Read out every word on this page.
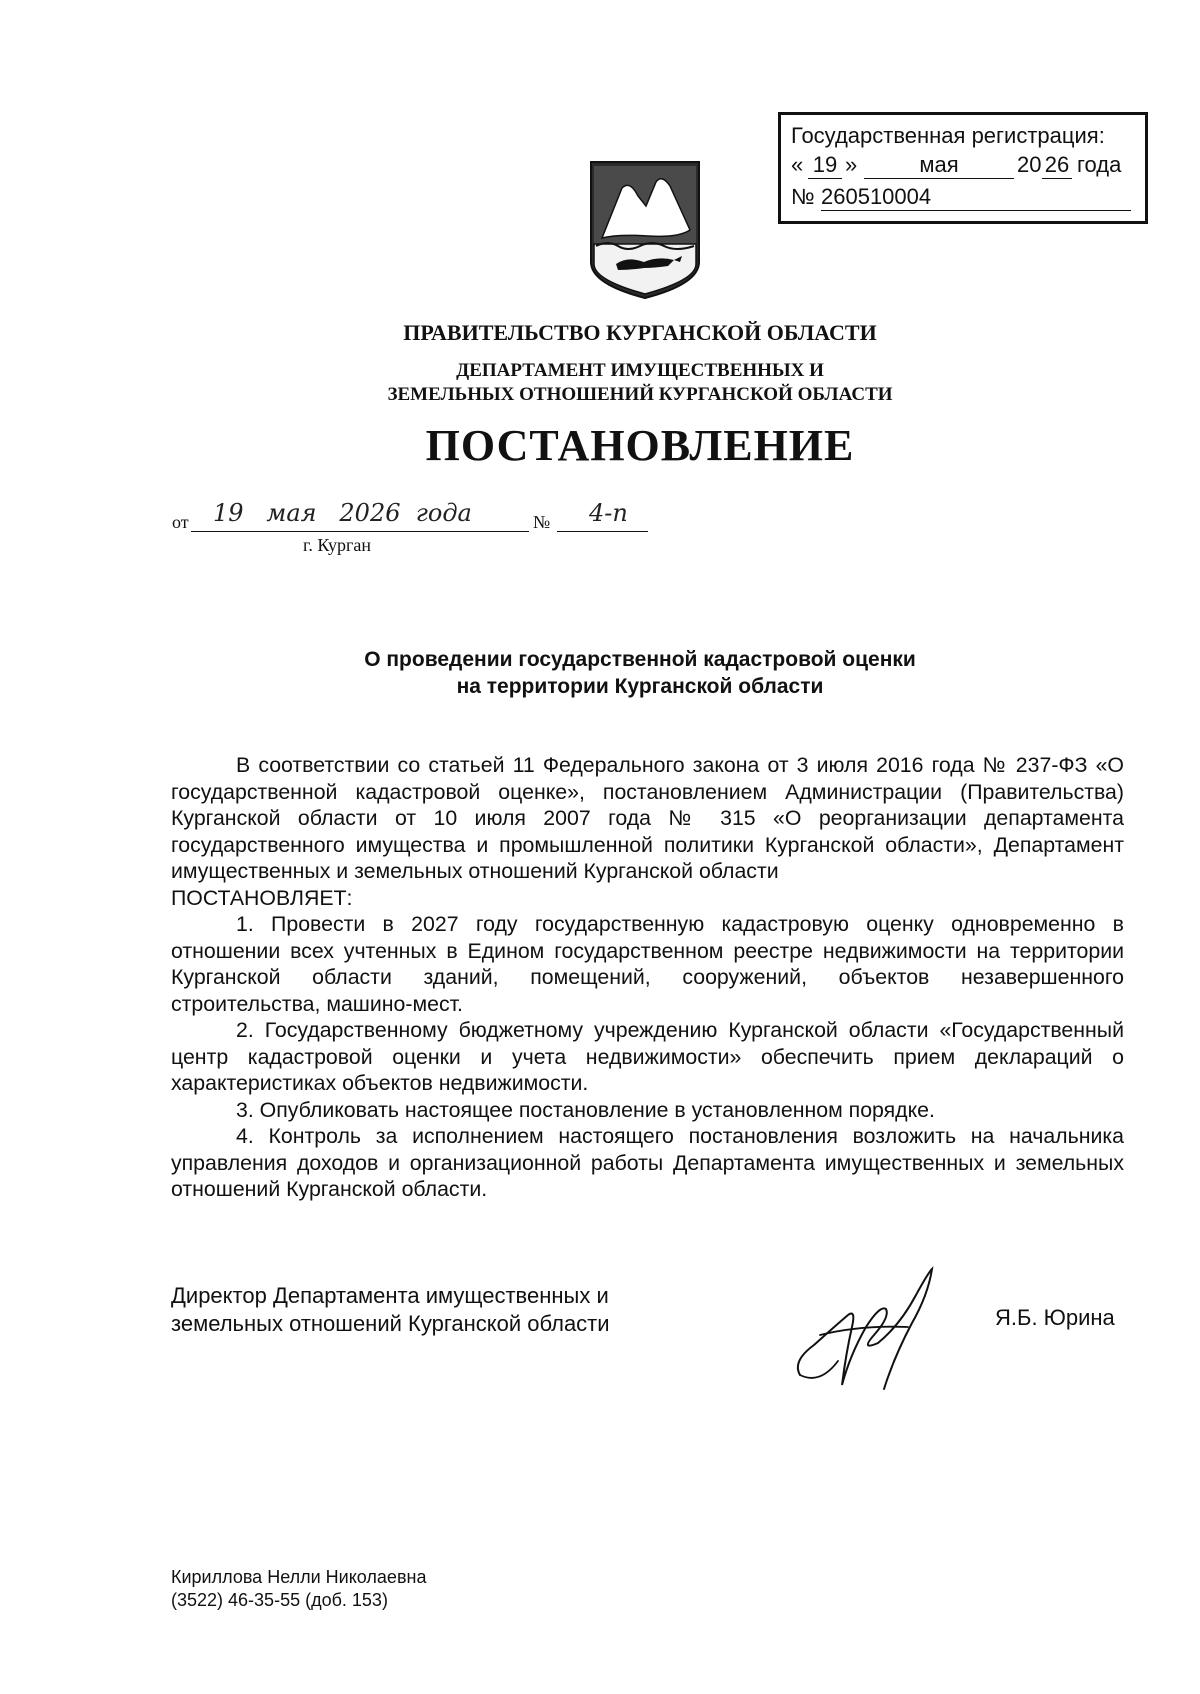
Государственная регистрация:
« 19 »	мая	20 26 года
№ 260510004
ПРАВИТЕЛЬСТВО КУРГАНСКОЙ ОБЛАСТИ
ДЕПАРТАМЕНТ ИМУЩЕСТВЕННЫХ И
ЗЕМЕЛЬНЫХ ОТНОШЕНИЙ КУРГАНСКОЙ ОБЛАСТИ
ПОСТАНОВЛЕНИЕ
от 19   мая   2026  года	№ 4-п
г. Курган
О проведении государственной кадастровой оценки
на территории Курганской области

В соответствии со статьей 11 Федерального закона от 3 июля 2016 года № 237-ФЗ «О государственной кадастровой оценке», постановлением Администрации (Правительства) Курганской области от 10 июля 2007 года № 315 «О реорганизации департамента государственного имущества и промышленной политики Курганской области», Департамент имущественных и земельных отношений Курганской области

ПОСТАНОВЛЯЕТ:

1. Провести в 2027 году государственную кадастровую оценку одновременно в отношении всех учтенных в Едином государственном реестре недвижимости на территории Курганской области зданий, помещений, сооружений, объектов незавершенного строительства, машино-мест.

2. Государственному бюджетному учреждению Курганской области «Государственный центр кадастровой оценки и учета недвижимости» обеспечить прием деклараций о характеристиках объектов недвижимости.

3. Опубликовать настоящее постановление в установленном порядке.

4. Контроль за исполнением настоящего постановления возложить на начальника управления доходов и организационной работы Департамента имущественных и земельных отношений Курганской области.

Директор Департамента имущественных и
земельных отношений Курганской области	Я.Б. Юрина
Кириллова Нелли Николаевна
(3522) 46-35-55 (доб. 153)
